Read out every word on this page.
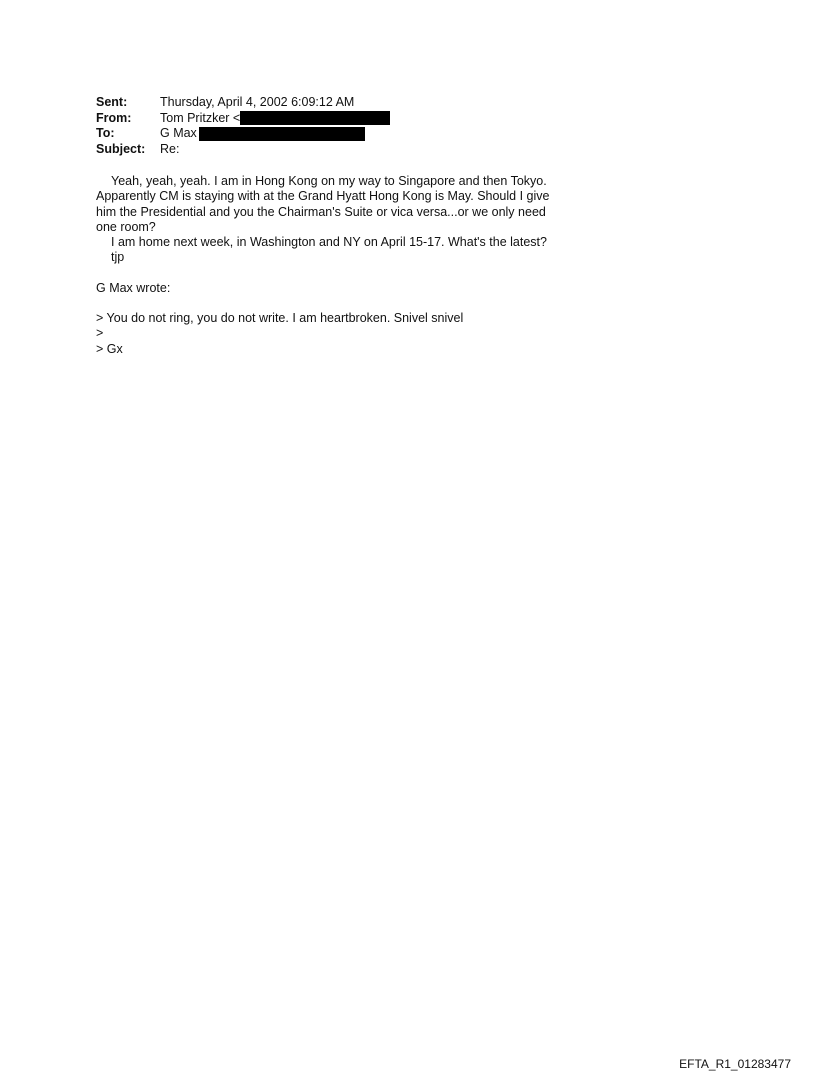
Sent:	Thursday, April 4, 2002 6:09:12 AM
From:	Tom Pritzker <
To:	G Max
Subject:	Re:

Yeah, yeah, yeah. I am in Hong Kong on my way to Singapore and then Tokyo. Apparently CM is staying with at the Grand Hyatt Hong Kong is May. Should I give him the Presidential and you the Chairman's Suite or vica versa...or we only need one room?

I am home next week, in Washington and NY on April 15-17. What's the latest?

tjp

G Max wrote:

> You do not ring, you do not write. I am heartbroken. Snivel snivel

>

> Gx

EFTA_R1_01283477
